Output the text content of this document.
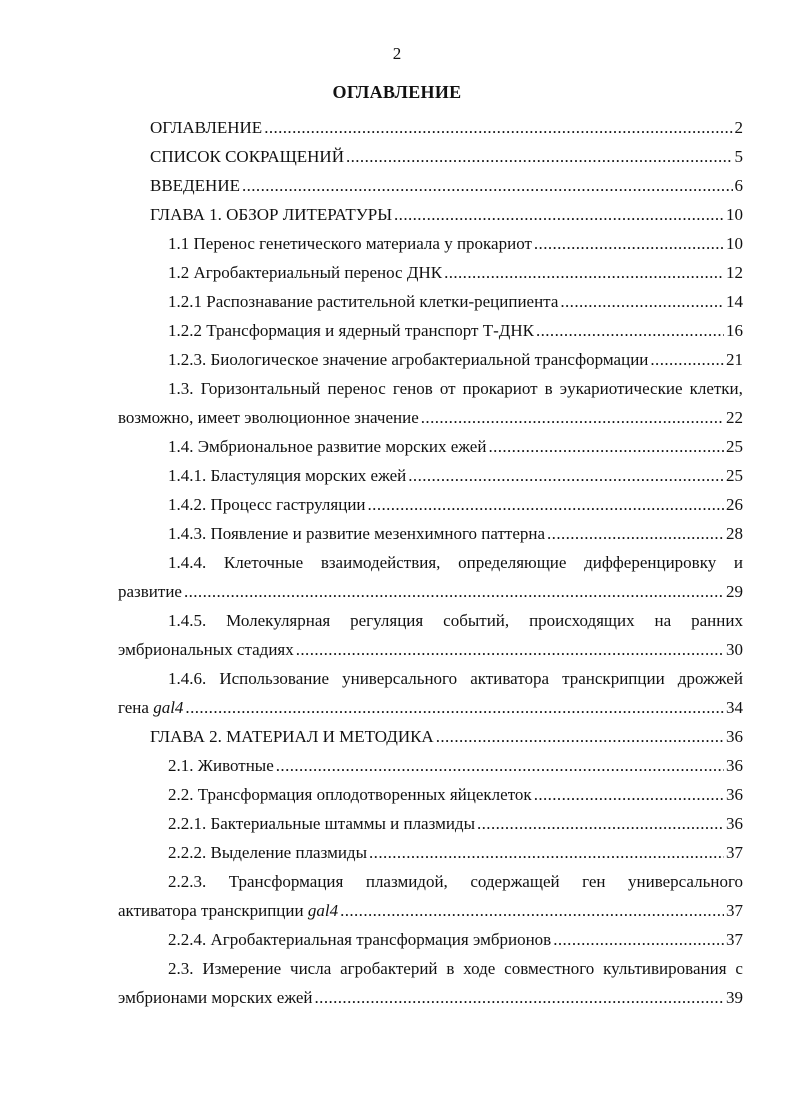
2
ОГЛАВЛЕНИЕ
ОГЛАВЛЕНИЕ .....	2
СПИСОК СОКРАЩЕНИЙ .....	5
ВВЕДЕНИЕ .....	6
ГЛАВА 1. ОБЗОР ЛИТЕРАТУРЫ .....	10
1.1 Перенос генетического материала у прокариот .....	10
1.2 Агробактериальный перенос ДНК .....	12
1.2.1 Распознавание растительной клетки-реципиента .....	14
1.2.2 Трансформация и ядерный транспорт Т-ДНК .....	16
1.2.3. Биологическое значение агробактериальной трансформации .....	21
1.3. Горизонтальный перенос генов от прокариот в эукариотические клетки,
возможно, имеет эволюционное значение .....	22
1.4. Эмбриональное развитие морских ежей .....	25
1.4.1. Бластуляция морских ежей .....	25
1.4.2. Процесс гаструляции .....	26
1.4.3. Появление и развитие мезенхимного паттерна .....	28
1.4.4. Клеточные взаимодействия, определяющие дифференцировку и
развитие .....	29
1.4.5. Молекулярная регуляция событий, происходящих на ранних
эмбриональных стадиях .....	30
1.4.6. Использование универсального активатора транскрипции дрожжей
гена gal4 .....	34
ГЛАВА 2. МАТЕРИАЛ И МЕТОДИКА .....	36
2.1. Животные .....	36
2.2. Трансформация оплодотворенных яйцеклеток .....	36
2.2.1. Бактериальные штаммы и плазмиды .....	36
2.2.2. Выделение плазмиды .....	37
2.2.3. Трансформация плазмидой, содержащей ген универсального
активатора транскрипции gal4 .....	37
2.2.4. Агробактериальная трансформация эмбрионов .....	37
2.3. Измерение числа агробактерий в ходе совместного культивирования с
эмбрионами морских ежей .....	39
